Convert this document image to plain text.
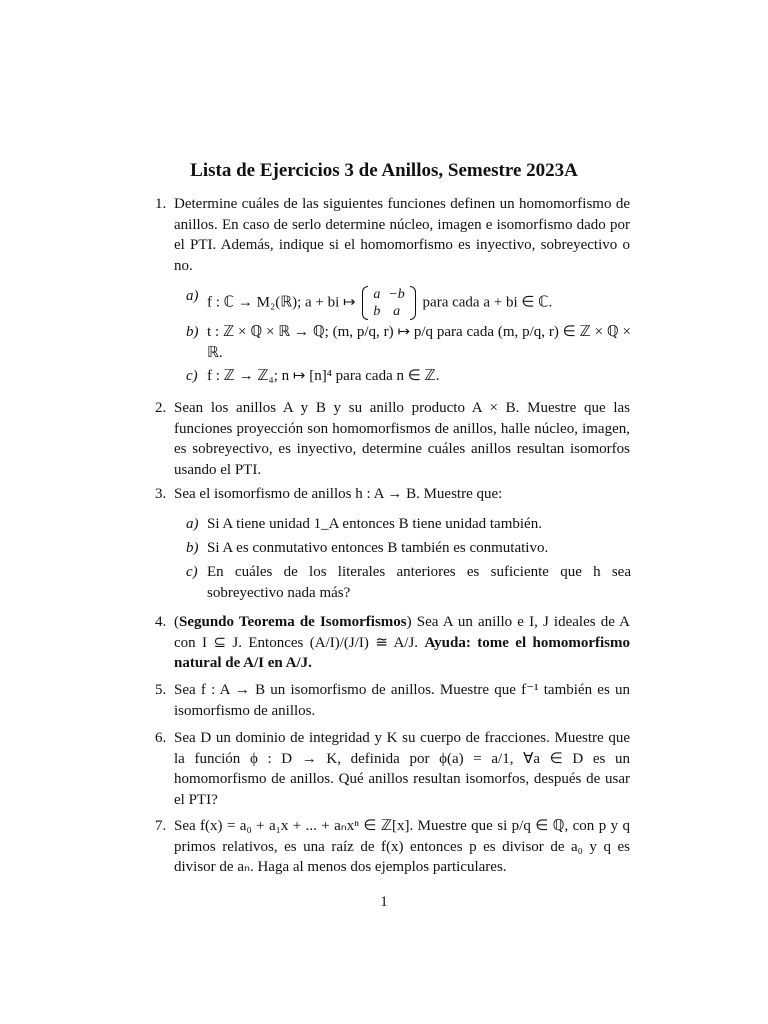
Lista de Ejercicios 3 de Anillos, Semestre 2023A
1. Determine cuáles de las siguientes funciones definen un homomorfismo de anillos. En caso de serlo determine núcleo, imagen e isomorfismo dado por el PTI. Además, indique si el homomorfismo es inyectivo, sobreyectivo o no.
a) f : ℂ → M₂(ℝ); a + bi ↦ a	−b
b	a
para cada a + bi ∈ ℂ.
b) t : ℤ × ℚ × ℝ → ℚ; (m, p/q, r) ↦ p/q para cada (m, p/q, r) ∈ ℤ × ℚ × ℝ.
c) f : ℤ → ℤ₄; n ↦ [n]⁴ para cada n ∈ ℤ.
2. Sean los anillos A y B y su anillo producto A × B. Muestre que las funciones proyección son homomorfismos de anillos, halle núcleo, imagen, es sobreyectivo, es inyectivo, determine cuáles anillos resultan isomorfos usando el PTI.
3. Sea el isomorfismo de anillos h : A → B. Muestre que:
a) Si A tiene unidad 1_A entonces B tiene unidad también.
b) Si A es conmutativo entonces B también es conmutativo.
c) En cuáles de los literales anteriores es suficiente que h sea sobreyectivo nada más?
4. (Segundo Teorema de Isomorfismos) Sea A un anillo e I, J ideales de A con I ⊆ J. Entonces (A/I)/(J/I) ≅ A/J. Ayuda: tome el homomorfismo natural de A/I en A/J.
5. Sea f : A → B un isomorfismo de anillos. Muestre que f⁻¹ también es un isomorfismo de anillos.
6. Sea D un dominio de integridad y K su cuerpo de fracciones. Muestre que la función ϕ : D → K, definida por ϕ(a) = a/1, ∀a ∈ D es un homomorfismo de anillos. Qué anillos resultan isomorfos, después de usar el PTI?
7. Sea f(x) = a₀ + a₁x + ... + aₙxⁿ ∈ ℤ[x]. Muestre que si p/q ∈ ℚ, con p y q primos relativos, es una raíz de f(x) entonces p es divisor de a₀ y q es divisor de aₙ. Haga al menos dos ejemplos particulares.
1
